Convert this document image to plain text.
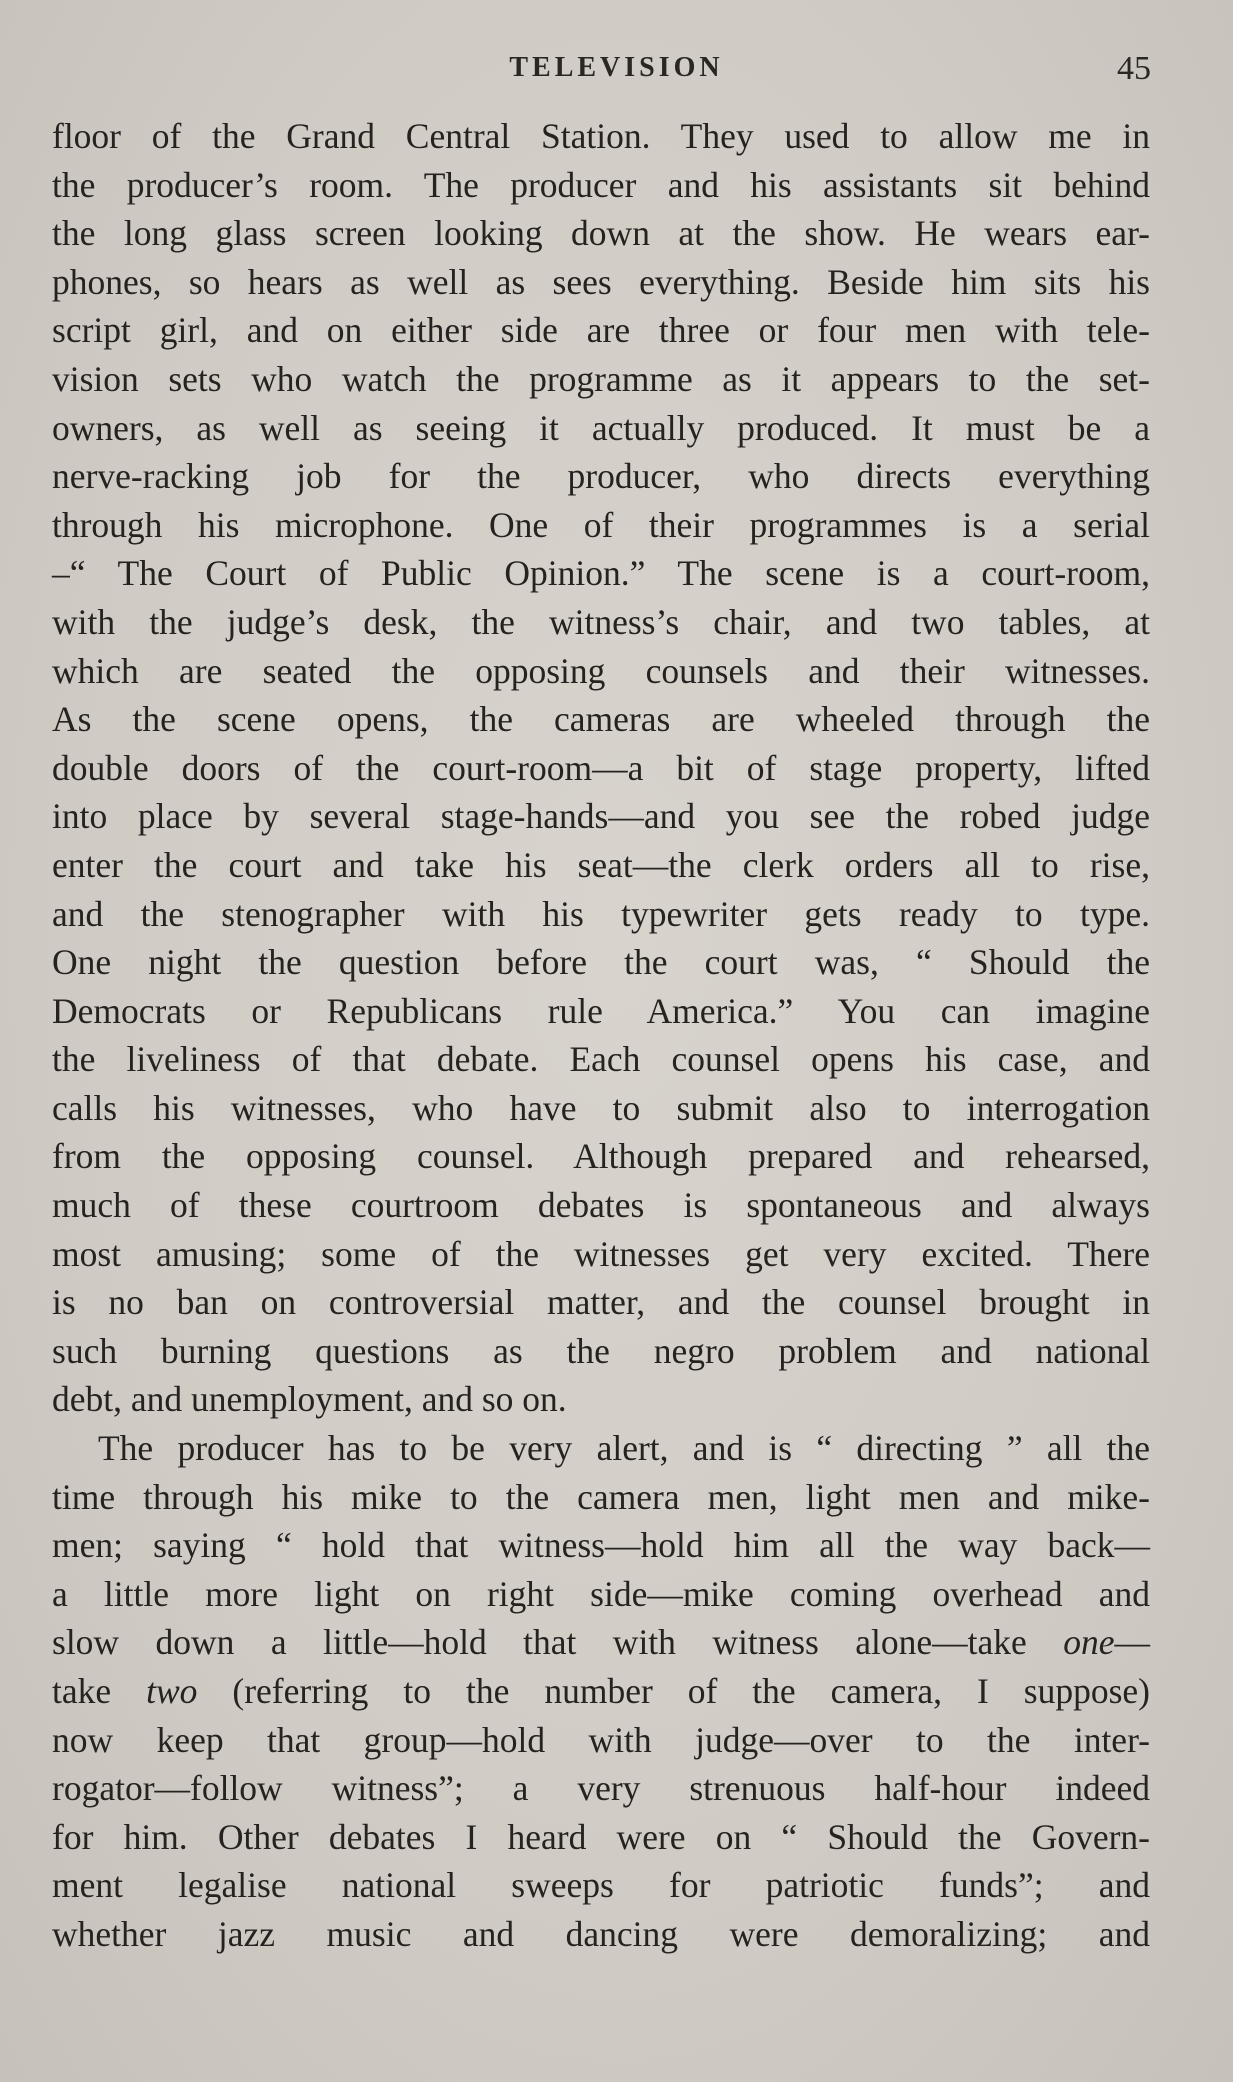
TELEVISION	45
floor of the Grand Central Station. They used to allow me in
the producer’s room. The producer and his assistants sit behind
the long glass screen looking down at the show. He wears ear-
phones, so hears as well as sees everything. Beside him sits his
script girl, and on either side are three or four men with tele-
vision sets who watch the programme as it appears to the set-
owners, as well as seeing it actually produced. It must be a
nerve-racking job for the producer, who directs everything
through his microphone. One of their programmes is a serial
–“ The Court of Public Opinion.” The scene is a court-room,
with the judge’s desk, the witness’s chair, and two tables, at
which are seated the opposing counsels and their witnesses.
As the scene opens, the cameras are wheeled through the
double doors of the court-room—a bit of stage property, lifted
into place by several stage-hands—and you see the robed judge
enter the court and take his seat—the clerk orders all to rise,
and the stenographer with his typewriter gets ready to type.
One night the question before the court was, “ Should the
Democrats or Republicans rule America.” You can imagine
the liveliness of that debate. Each counsel opens his case, and
calls his witnesses, who have to submit also to interrogation
from the opposing counsel. Although prepared and rehearsed,
much of these courtroom debates is spontaneous and always
most amusing; some of the witnesses get very excited. There
is no ban on controversial matter, and the counsel brought in
such burning questions as the negro problem and national
debt, and unemployment, and so on.
The producer has to be very alert, and is “ directing ” all the
time through his mike to the camera men, light men and mike-
men; saying “ hold that witness—hold him all the way back—
a little more light on right side—mike coming overhead and
slow down a little—hold that with witness alone—take one—
take two (referring to the number of the camera, I suppose)
now keep that group—hold with judge—over to the inter-
rogator—follow witness”; a very strenuous half-hour indeed
for him. Other debates I heard were on “ Should the Govern-
ment legalise national sweeps for patriotic funds”; and
whether jazz music and dancing were demoralizing; and
